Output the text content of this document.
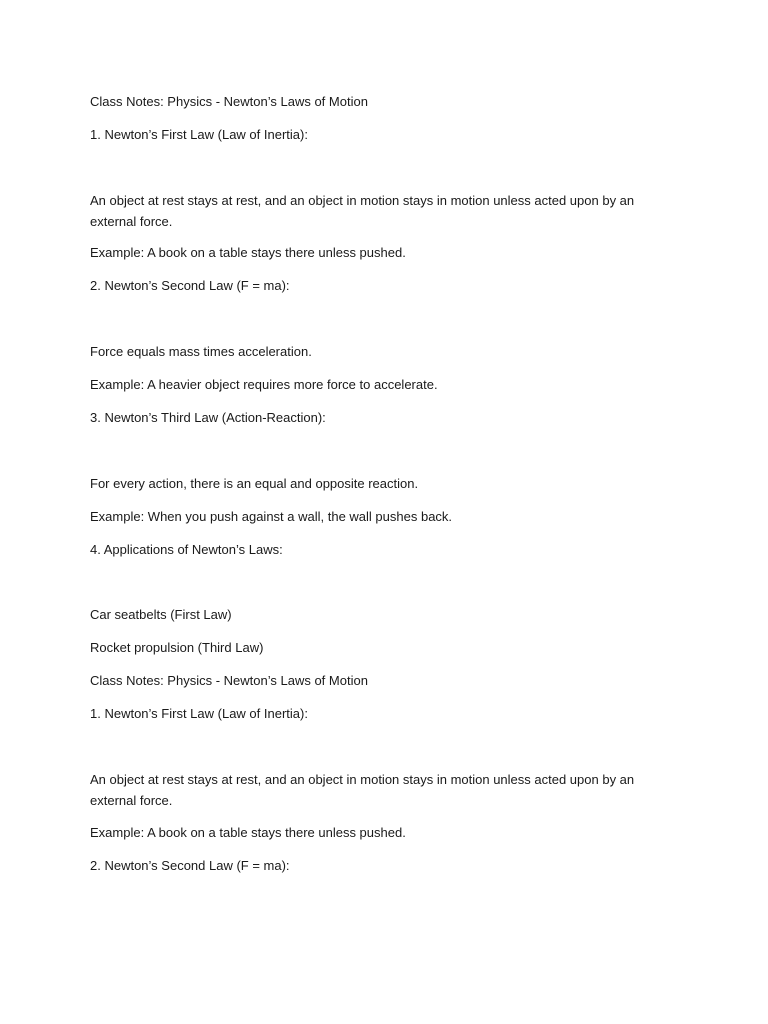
Class Notes: Physics - Newton’s Laws of Motion

1. Newton’s First Law (Law of Inertia):

An object at rest stays at rest, and an object in motion stays in motion unless acted upon by an external force.

Example: A book on a table stays there unless pushed.

2. Newton’s Second Law (F = ma):

Force equals mass times acceleration.

Example: A heavier object requires more force to accelerate.

3. Newton’s Third Law (Action-Reaction):

For every action, there is an equal and opposite reaction.

Example: When you push against a wall, the wall pushes back.

4. Applications of Newton’s Laws:

Car seatbelts (First Law)

Rocket propulsion (Third Law)

Class Notes: Physics - Newton’s Laws of Motion

1. Newton’s First Law (Law of Inertia):

An object at rest stays at rest, and an object in motion stays in motion unless acted upon by an external force.

Example: A book on a table stays there unless pushed.

2. Newton’s Second Law (F = ma):
